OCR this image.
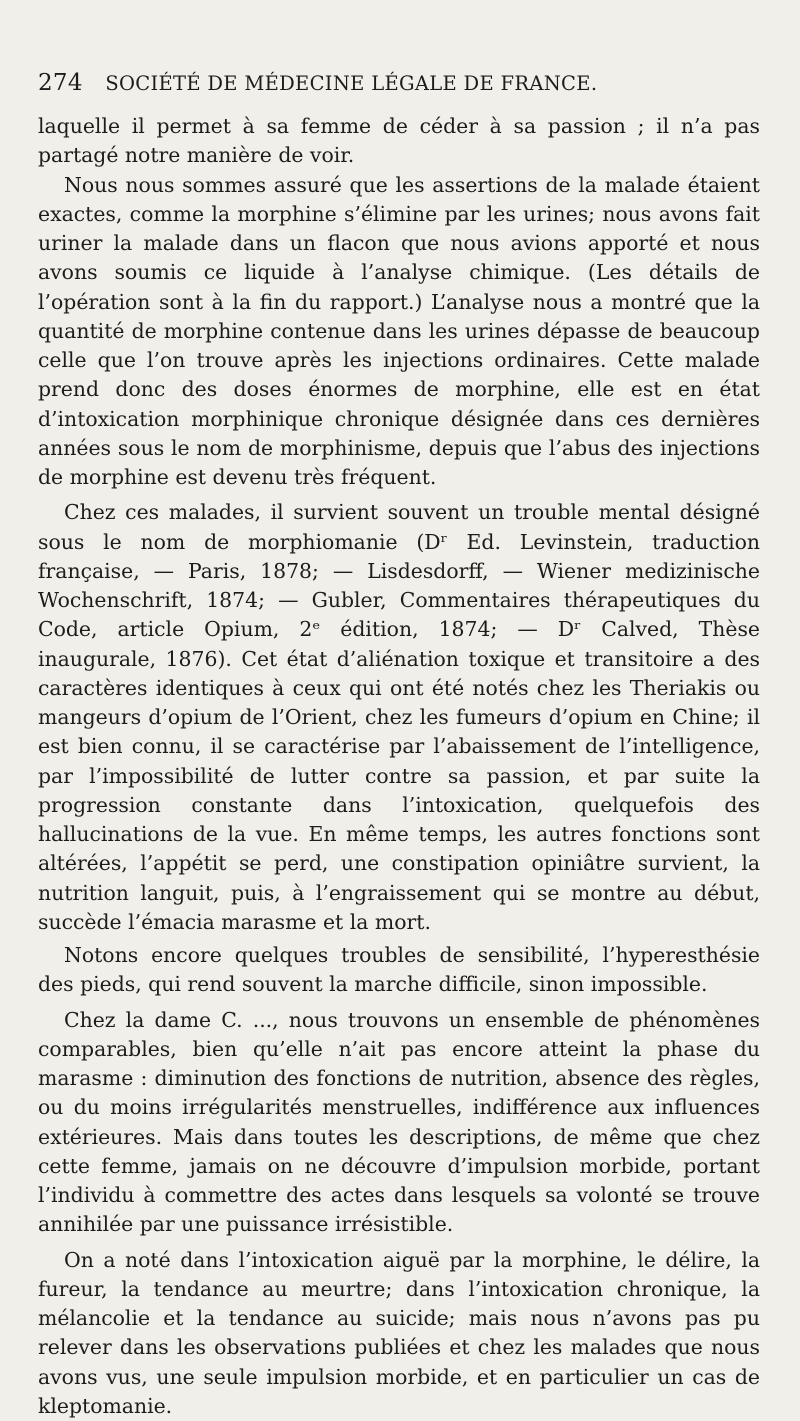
274 SOCIÉTÉ DE MÉDECINE LÉGALE DE FRANCE.

laquelle il permet à sa femme de céder à sa passion ; il n’a pas partagé notre manière de voir.

Nous nous sommes assuré que les assertions de la malade étaient exactes, comme la morphine s’élimine par les urines; nous avons fait uriner la malade dans un flacon que nous avions apporté et nous avons soumis ce liquide à l’analyse chimique. (Les détails de l’opération sont à la fin du rapport.) L’analyse nous a montré que la quantité de morphine contenue dans les urines dépasse de beaucoup celle que l’on trouve après les injections ordinaires. Cette malade prend donc des doses énormes de morphine, elle est en état d’intoxication morphinique chronique désignée dans ces dernières années sous le nom de morphinisme, depuis que l’abus des injections de morphine est devenu très fréquent.

Chez ces malades, il survient souvent un trouble mental désigné sous le nom de morphiomanie (Dʳ Ed. Levinstein, traduction française, — Paris, 1878; — Lisdesdorff, — Wiener medizinische Wochenschrift, 1874; — Gubler, Commentaires thérapeutiques du Code, article Opium, 2ᵉ édition, 1874; — Dʳ Calved, Thèse inaugurale, 1876). Cet état d’aliénation toxique et transitoire a des caractères identiques à ceux qui ont été notés chez les Theriakis ou mangeurs d’opium de l’Orient, chez les fumeurs d’opium en Chine; il est bien connu, il se caractérise par l’abaissement de l’intelligence, par l’impossibilité de lutter contre sa passion, et par suite la progression constante dans l’intoxication, quelquefois des hallucinations de la vue. En même temps, les autres fonctions sont altérées, l’appétit se perd, une constipation opiniâtre survient, la nutrition languit, puis, à l’engraissement qui se montre au début, succède l’émacia marasme et la mort.

Notons encore quelques troubles de sensibilité, l’hyperesthésie des pieds, qui rend souvent la marche difficile, sinon impossible.

Chez la dame C. ..., nous trouvons un ensemble de phénomènes comparables, bien qu’elle n’ait pas encore atteint la phase du marasme : diminution des fonctions de nutrition, absence des règles, ou du moins irrégularités menstruelles, indifférence aux influences extérieures. Mais dans toutes les descriptions, de même que chez cette femme, jamais on ne découvre d’impulsion morbide, portant l’individu à commettre des actes dans lesquels sa volonté se trouve annihilée par une puissance irrésistible.

On a noté dans l’intoxication aiguë par la morphine, le délire, la fureur, la tendance au meurtre; dans l’intoxication chronique, la mélancolie et la tendance au suicide; mais nous n’avons pas pu relever dans les observations publiées et chez les malades que nous avons vus, une seule impulsion morbide, et en particulier un cas de kleptomanie.
